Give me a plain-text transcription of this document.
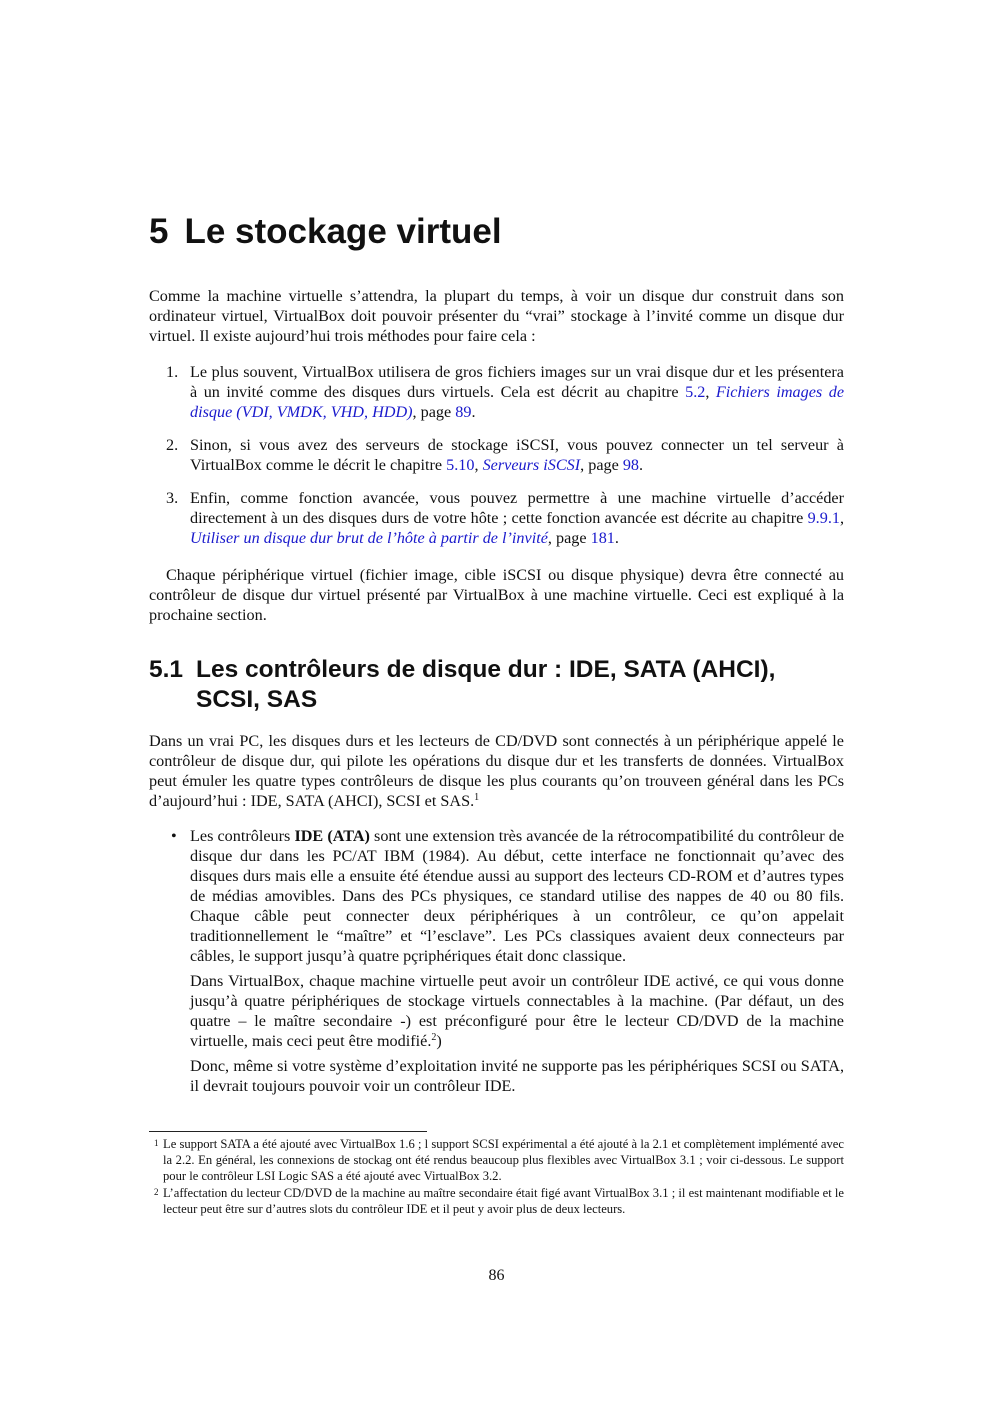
5 Le stockage virtuel

Comme la machine virtuelle s’attendra, la plupart du temps, à voir un disque dur construit dans son ordinateur virtuel, VirtualBox doit pouvoir présenter du “vrai” stockage à l’invité comme un disque dur virtuel. Il existe aujourd’hui trois méthodes pour faire cela :

1. Le plus souvent, VirtualBox utilisera de gros fichiers images sur un vrai disque dur et les présentera à un invité comme des disques durs virtuels. Cela est décrit au chapitre 5.2, Fichiers images de disque (VDI, VMDK, VHD, HDD), page 89.
2. Sinon, si vous avez des serveurs de stockage iSCSI, vous pouvez connecter un tel serveur à VirtualBox comme le décrit le chapitre 5.10, Serveurs iSCSI, page 98.
3. Enfin, comme fonction avancée, vous pouvez permettre à une machine virtuelle d’accéder directement à un des disques durs de votre hôte ; cette fonction avancée est décrite au chapitre 9.9.1, Utiliser un disque dur brut de l’hôte à partir de l’invité, page 181.

Chaque périphérique virtuel (fichier image, cible iSCSI ou disque physique) devra être connecté au contrôleur de disque dur virtuel présenté par VirtualBox à une machine virtuelle. Ceci est expliqué à la prochaine section.

5.1 Les contrôleurs de disque dur : IDE, SATA (AHCI), SCSI, SAS

Dans un vrai PC, les disques durs et les lecteurs de CD/DVD sont connectés à un périphérique appelé le contrôleur de disque dur, qui pilote les opérations du disque dur et les transferts de données. VirtualBox peut émuler les quatre types contrôleurs de disque les plus courants qu’on trouveen général dans les PCs d’aujourd’hui : IDE, SATA (AHCI), SCSI et SAS.$^1$

• Les contrôleurs IDE (ATA) sont une extension très avancée de la rétrocompatibilité du contrôleur de disque dur dans les PC/AT IBM (1984). Au début, cette interface ne fonctionnait qu’avec des disques durs mais elle a ensuite été étendue aussi au support des lecteurs CD-ROM et d’autres types de médias amovibles. Dans des PCs physiques, ce standard utilise des nappes de 40 ou 80 fils. Chaque câble peut connecter deux périphériques à un contrôleur, ce qu’on appelait traditionnellement le “maître” et “l’esclave”. Les PCs classiques avaient deux connecteurs par câbles, le support jusqu’à quatre pçriphériques était donc classique.

Dans VirtualBox, chaque machine virtuelle peut avoir un contrôleur IDE activé, ce qui vous donne jusqu’à quatre périphériques de stockage virtuels connectables à la machine. (Par défaut, un des quatre – le maître secondaire -) est préconfiguré pour être le lecteur CD/DVD de la machine virtuelle, mais ceci peut être modifié.$^2$)

Donc, même si votre système d’exploitation invité ne supporte pas les périphériques SCSI ou SATA, il devrait toujours pouvoir voir un contrôleur IDE.

1 Le support SATA a été ajouté avec VirtualBox 1.6 ; l support SCSI expérimental a été ajouté à la 2.1 et complètement implémenté avec la 2.2. En général, les connexions de stockag ont été rendus beaucoup plus flexibles avec VirtualBox 3.1 ; voir ci-dessous. Le support pour le contrôleur LSI Logic SAS a été ajouté avec VirtualBox 3.2.

2 L’affectation du lecteur CD/DVD de la machine au maître secondaire était figé avant VirtualBox 3.1 ; il est maintenant modifiable et le lecteur peut être sur d’autres slots du contrôleur IDE et il peut y avoir plus de deux lecteurs.

86
